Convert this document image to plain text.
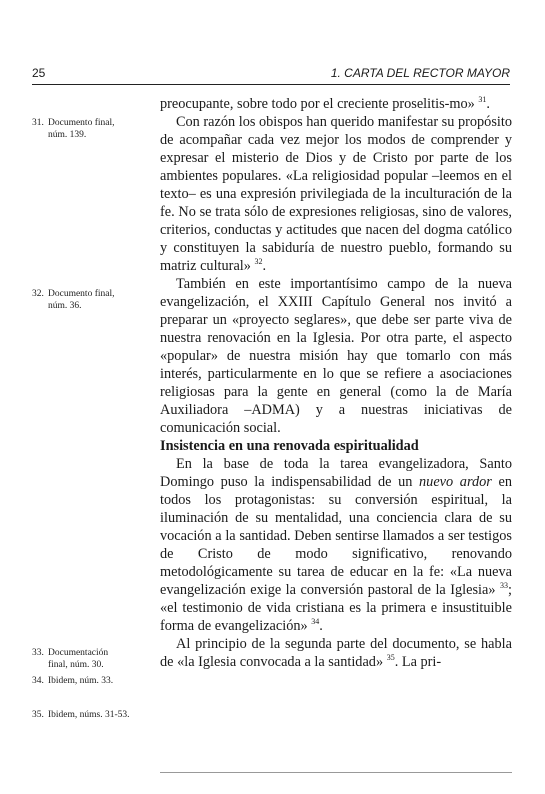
25	1. CARTA DEL RECTOR MAYOR

preocupante, sobre todo por el creciente proselitis-mo» $^{31}$.

Con razón los obispos han querido manifestar su propósito de acompañar cada vez mejor los modos de comprender y expresar el misterio de Dios y de Cristo por parte de los ambientes populares. «La religiosidad popular –leemos en el texto– es una expresión privilegiada de la inculturación de la fe. No se trata sólo de expresiones religiosas, sino de valores, criterios, conductas y actitudes que nacen del dogma católico y constituyen la sabiduría de nuestro pueblo, formando su matriz cultural» $^{32}$.

También en este importantísimo campo de la nueva evangelización, el XXIII Capítulo General nos invitó a preparar un «proyecto seglares», que debe ser parte viva de nuestra renovación en la Iglesia. Por otra parte, el aspecto «popular» de nuestra misión hay que tomarlo con más interés, particularmente en lo que se refiere a asociaciones religiosas para la gente en general (como la de María Auxiliadora –ADMA) y a nuestras iniciativas de comunicación social.

Insistencia en una renovada espiritualidad

En la base de toda la tarea evangelizadora, Santo Domingo puso la indispensabilidad de un nuevo ardor en todos los protagonistas: su conversión espiritual, la iluminación de su mentalidad, una conciencia clara de su vocación a la santidad. Deben sentirse llamados a ser testigos de Cristo de modo significativo, renovando metodológicamente su tarea de educar en la fe: «La nueva evangelización exige la conversión pastoral de la Iglesia» $^{33}$; «el testimonio de vida cristiana es la primera e insustituible forma de evangelización» $^{34}$.

Al principio de la segunda parte del documento, se habla de «la Iglesia convocada a la santidad» $^{35}$. La pri-

31. Documento final,
núm. 139.
32. Documento final,
núm. 36.
33. Documentación
final, núm. 30.
34. Ibidem, núm. 33.
35. Ibidem, núms. 31-53.
